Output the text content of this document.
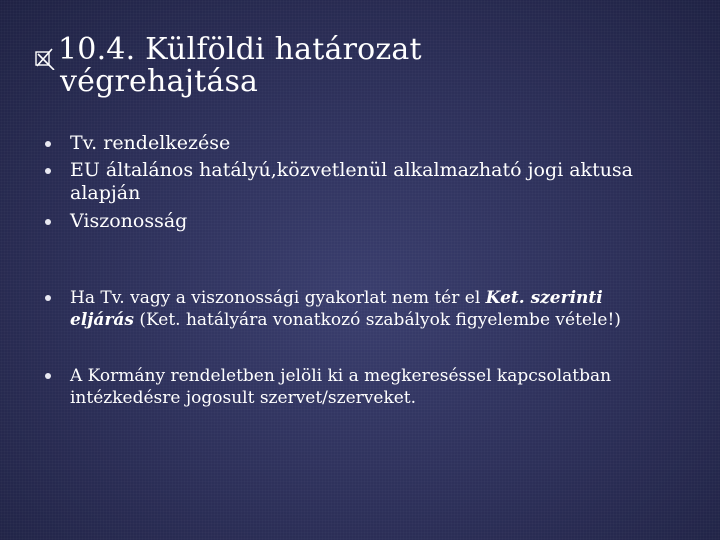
10.4. Külföldi határozat
végrehajtása
Tv. rendelkezése
EU általános hatályú,közvetlenül alkalmazható jogi aktusa alapján
Viszonosság
Ha Tv. vagy a viszonossági gyakorlat nem tér el Ket. szerinti eljárás (Ket. hatályára vonatkozó szabályok figyelembe vétele!)
A Kormány rendeletben jelöli ki a megkereséssel kapcsolatban intézkedésre jogosult szervet/szerveket.
